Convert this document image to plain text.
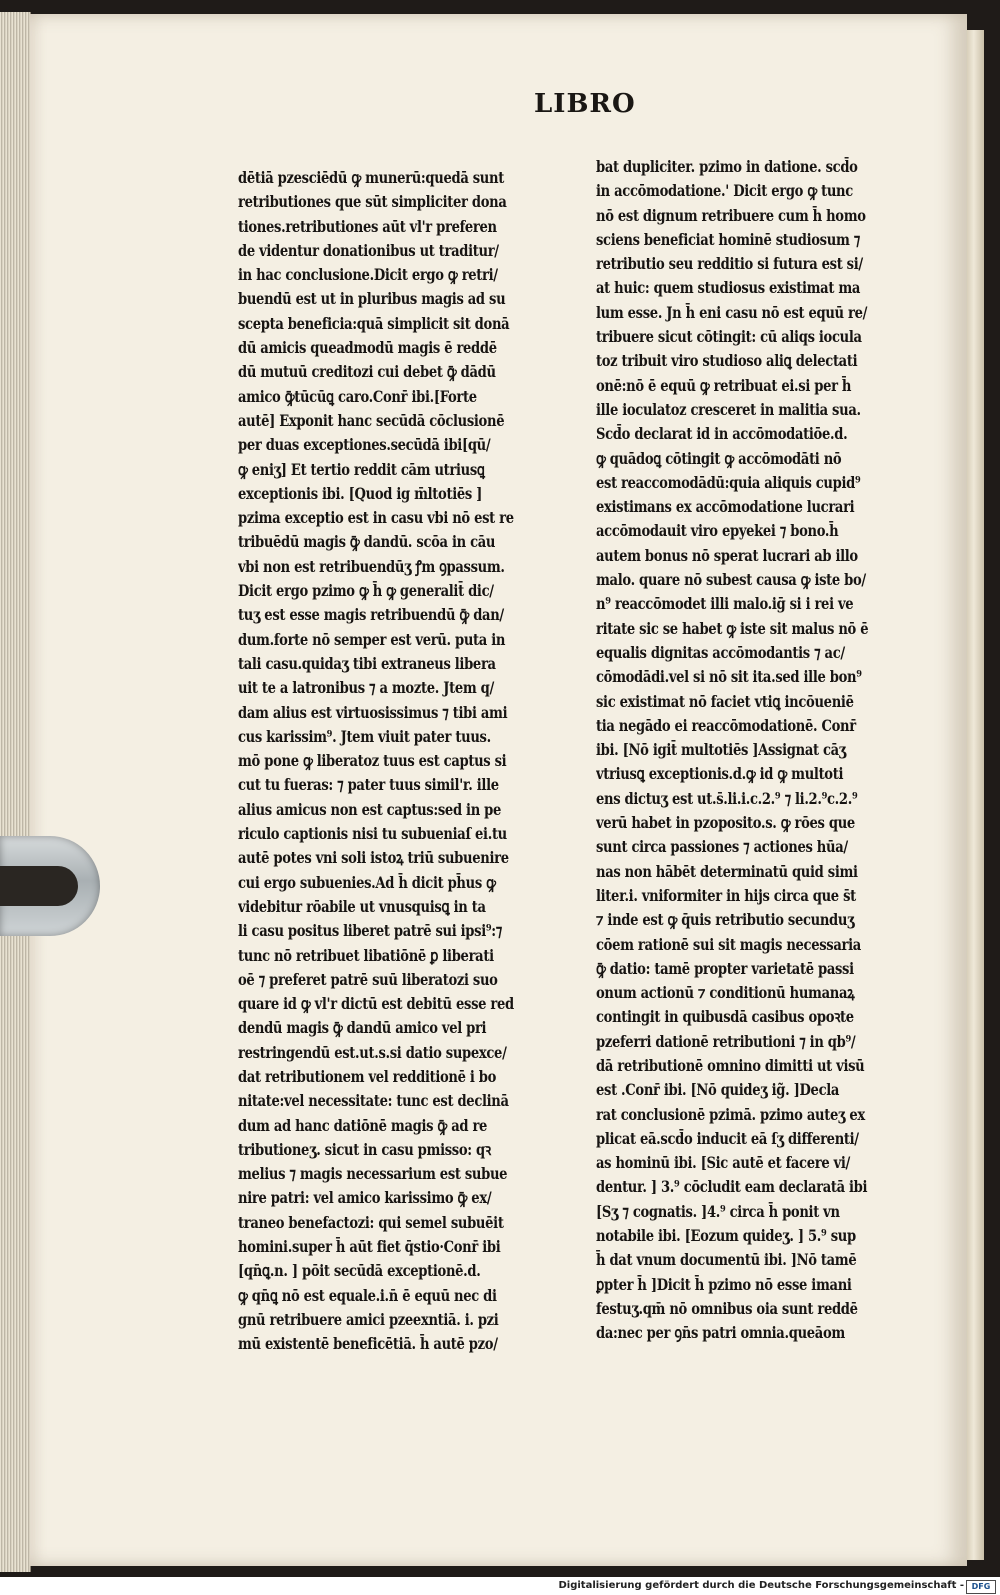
LIBRO
dētiā pzesciēdū ꝙ munerū:quedā sunt
retributiones que sūt simpliciter dona
tiones.retributiones aūt vl'r preferen
de videntur donationibus ut traditur/
in hac conclusione.Dicit ergo ꝙ retri/
buendū est ut in pluribus magis ad su
scepta beneficia:quā simplicit sit donā
dū amicis queadmodū magis ē reddē
dū mutuū creditozi cui debet ꝙ̄ dādū
amico ꝙ̄tūcūꝗ caro.Conr̄ ibi.[Forte
autē] Exponit hanc secūdā cōclusionē
per duas exceptiones.secūdā ibi[qū/
ꝙ eniʒ] Et tertio reddit cām utriusꝗ
exceptionis ibi. [Quod ig m̄ltotiēs ]
pzima exceptio est in casu vbi nō est re
tribuēdū magis ꝙ̄ dandū. scōa in cāu
vbi non est retribuendūʒ ꝭm ꝯpassum.
Dicit ergo pzimo ꝙ h̄ ꝙ generalit̄ dic/
tuʒ est esse magis retribuendū ꝙ̄ dan/
dum.forte nō semper est verū. puta in
tali casu.quidaʒ tibi extraneus libera
uit te a latronibus ⁊ a mozte. Jtem q/
dam alius est virtuosissimus ⁊ tibi ami
cus karissim⁹. Jtem viuit pater tuus.
mō pone ꝙ liberatoz tuus est captus si
cut tu fueras: ⁊ pater tuus simil'r. ille
alius amicus non est captus:sed in pe
riculo captionis nisi tu subueniaſ ei.tu
autē potes vni soli istoꝝ triū subuenire
cui ergo subuenies.Ad h̄ dicit ph̄us ꝙ
videbitur rōabile ut vnusquisꝗ in ta
li casu positus liberet patrē sui ipsi⁹:⁊
tunc nō retribuet libatiōnē ꝑ liberati
oē ⁊ preferet patrē suū liberatozi suo
quare id ꝙ vl'r dictū est debitū esse red
dendū magis ꝙ̄ dandū amico vel pri
restringendū est.ut.s.si datio supexce/
dat retributionem vel redditionē i bo
nitate:vel necessitate: tunc est declinā
dum ad hanc datiōnē magis ꝙ̄ ad re
tributioneʒ. sicut in casu pmisso: qꝛ
melius ⁊ magis necessarium est subue
nire patri: vel amico karissimo ꝙ̄ ex/
traneo benefactozi: qui semel subuēit
homini.super h̄ aūt fiet q̄stio·Conr̄ ibi
[qn̄ꝗ.n. ] pōit secūdā exceptionē.d.
ꝙ qn̄ꝗ nō est equale.i.n̄ ē equū nec di
gnū retribuere amici pzeexntiā. i. pzi
mū existentē beneficētiā. h̄ autē pzo/
bat dupliciter. pzimo in datione. scd̄o
in accōmodatione.' Dicit ergo ꝙ tunc
nō est dignum retribuere cum h̄ homo
sciens beneficiat hominē studiosum ⁊
retributio seu redditio si futura est si/
at huic: quem studiosus existimat ma
lum esse. Jn h̄ eni casu nō est equū re/
tribuere sicut cōtingit: cū aliqs iocula
toz tribuit viro studioso aliꝗ delectati
onē:nō ē equū ꝙ retribuat ei.si per h̄
ille ioculatoz cresceret in malitia sua.
Scd̄o declarat id in accōmodatiōe.d.
ꝙ quādoꝗ cōtingit ꝙ accōmodāti nō
est reaccomodādū:quia aliquis cupid⁹
existimans ex accōmodatione lucrari
accōmodauit viro epyekei ⁊ bono.h̄
autem bonus nō sperat lucrari ab illo
malo. quare nō subest causa ꝙ iste bo/
n⁹ reaccōmodet illi malo.iḡ si i rei ve
ritate sic se habet ꝙ iste sit malus nō ē
equalis dignitas accōmodantis ⁊ ac/
cōmodādi.vel si nō sit ita.sed ille bon⁹
sic existimat nō faciet vtiꝗ incōueniē
tia negādo ei reaccōmodationē. Conr̄
ibi. [Nō igit̄ multotiēs ]Assignat cāʒ
vtriusꝗ exceptionis.d.ꝙ id ꝙ multoti
ens dictuʒ est ut.s̄.li.i.c.2.⁹ ⁊ li.2.⁹c.2.⁹
verū habet in pzoposito.s. ꝙ rōes que
sunt circa passiones ⁊ actiones hūa/
nas non hābēt determinatū quid simi
liter.i. vniformiter in hijs circa que s̄t
⁊ inde est ꝙ q̄uis retributio secunduʒ
cōem rationē sui sit magis necessaria
ꝙ̄ datio: tamē propter varietatē passi
onum actionū ⁊ conditionū humanaꝝ
contingit in quibusdā casibus opoꝛte
pzeferri dationē retributioni ⁊ in qb⁹/
dā retributionē omnino dimitti ut visū
est .Conr̄ ibi. [Nō quideʒ ig̃. ]Decla
rat conclusionē pzimā. pzimo auteʒ ex
plicat eā.scd̄o inducit eā ſʒ differenti/
as hominū ibi. [Sic autē et facere vi/
dentur. ] 3.⁹ cōcludit eam declaratā ibi
[Sʒ ⁊ cognatis. ]4.⁹ circa h̄ ponit vn
notabile ibi. [Eozum quideʒ. ] 5.⁹ sup
h̄ dat vnum documentū ibi. ]Nō tamē
ꝑpter h̄ ]Dicit h̄ pzimo nō esse imani
festuʒ.qm̄ nō omnibus oia sunt reddē
da:nec per ꝯn̄s patri omnia.queāom

Digitalisierung gefördert durch die Deutsche Forschungsgemeinschaft - DFG
